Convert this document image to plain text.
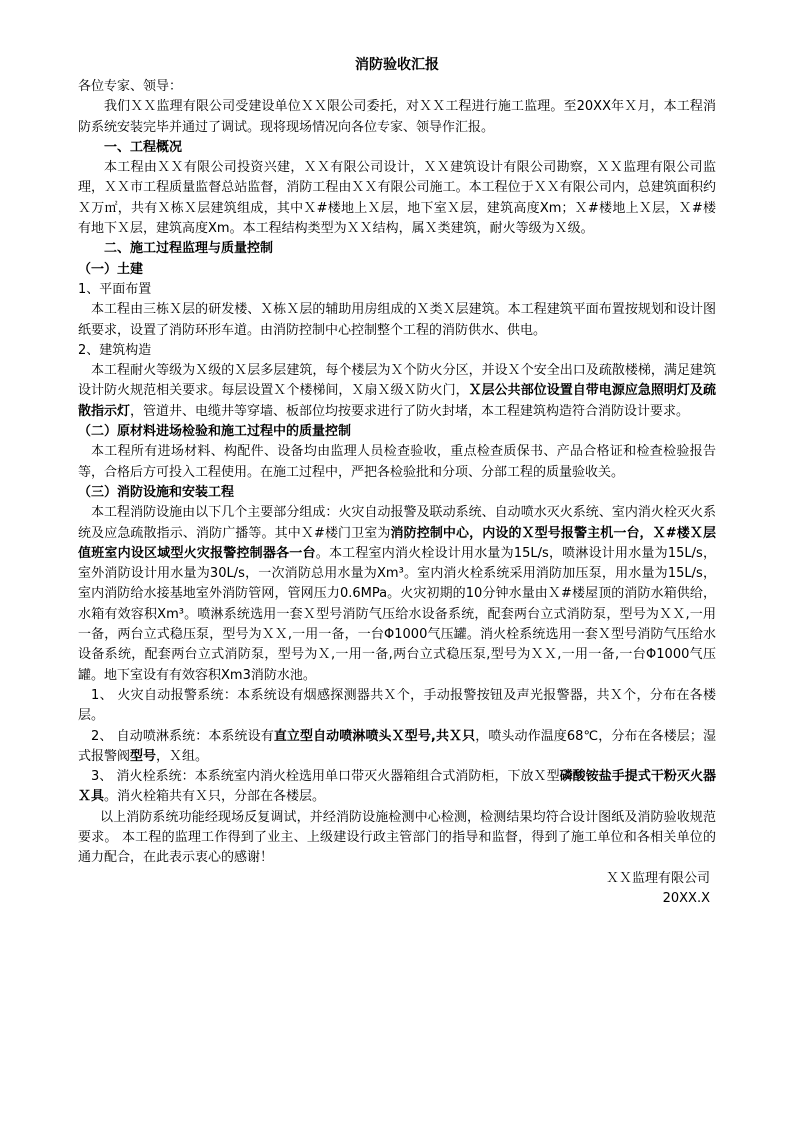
消防验收汇报

各位专家、领导：

我们ＸＸ监理有限公司受建设单位ＸＸ限公司委托，对ＸＸ工程进行施工监理。至20XX年Ｘ月，本工程消防系统安装完毕并通过了调试。现将现场情况向各位专家、领导作汇报。

一、工程概况

本工程由ＸＸ有限公司投资兴建，ＸＸ有限公司设计，ＸＸ建筑设计有限公司勘察，ＸＸ监理有限公司监理，ＸＸ市工程质量监督总站监督，消防工程由ＸＸ有限公司施工。本工程位于ＸＸ有限公司内，总建筑面积约Ｘ万㎡，共有Ｘ栋Ｘ层建筑组成，其中Ｘ#楼地上Ｘ层，地下室Ｘ层，建筑高度Xm；Ｘ#楼地上Ｘ层，Ｘ#楼有地下Ｘ层，建筑高度Xm。本工程结构类型为ＸＸ结构，属Ｘ类建筑，耐火等级为Ｘ级。

二、施工过程监理与质量控制

（一）土建

1、平面布置

本工程由三栋Ｘ层的研发楼、Ｘ栋Ｘ层的辅助用房组成的Ｘ类Ｘ层建筑。本工程建筑平面布置按规划和设计图纸要求，设置了消防环形车道。由消防控制中心控制整个工程的消防供水、供电。

2、建筑构造

本工程耐火等级为Ｘ级的Ｘ层多层建筑，每个楼层为Ｘ个防火分区，并设Ｘ个安全出口及疏散楼梯，满足建筑设计防火规范相关要求。每层设置Ｘ个楼梯间，Ｘ扇Ｘ级Ｘ防火门，Ｘ层公共部位设置自带电源应急照明灯及疏散指示灯，管道井、电缆井等穿墙、板部位均按要求进行了防火封堵，本工程建筑构造符合消防设计要求。

（二）原材料进场检验和施工过程中的质量控制

本工程所有进场材料、构配件、设备均由监理人员检查验收，重点检查质保书、产品合格证和检查检验报告等，合格后方可投入工程使用。在施工过程中，严把各检验批和分项、分部工程的质量验收关。

（三）消防设施和安装工程

本工程消防设施由以下几个主要部分组成：火灾自动报警及联动系统、自动喷水灭火系统、室内消火栓灭火系统及应急疏散指示、消防广播等。其中Ｘ#楼门卫室为消防控制中心，内设的Ｘ型号报警主机一台，Ｘ#楼Ｘ层值班室内设区域型火灾报警控制器各一台。本工程室内消火栓设计用水量为15L/s，喷淋设计用水量为15L/s，室外消防设计用水量为30L/s，一次消防总用水量为Xm³。室内消火栓系统采用消防加压泵，用水量为15L/s，室内消防给水接基地室外消防管网，管网压力0.6MPa。火灾初期的10分钟水量由Ｘ#楼屋顶的消防水箱供给，水箱有效容积Xm³。喷淋系统选用一套Ｘ型号消防气压给水设备系统，配套两台立式消防泵，型号为ＸＸ,一用一备，两台立式稳压泵，型号为ＸＸ,一用一备，一台Φ1000气压罐。消火栓系统选用一套Ｘ型号消防气压给水设备系统，配套两台立式消防泵，型号为Ｘ,一用一备,两台立式稳压泵,型号为ＸＸ,一用一备,一台Φ1000气压罐。地下室设有有效容积Xm3消防水池。

1、 火灾自动报警系统：本系统设有烟感探测器共Ｘ个，手动报警按钮及声光报警器，共Ｘ个，分布在各楼层。

2、 自动喷淋系统：本系统设有直立型自动喷淋喷头Ｘ型号,共Ｘ只，喷头动作温度68℃，分布在各楼层；湿式报警阀型号，Ｘ组。

3、 消火栓系统：本系统室内消火栓选用单口带灭火器箱组合式消防柜，下放Ｘ型磷酸铵盐手提式干粉灭火器Ｘ具。消火栓箱共有Ｘ只，分部在各楼层。

以上消防系统功能经现场反复调试，并经消防设施检测中心检测，检测结果均符合设计图纸及消防验收规范要求。 本工程的监理工作得到了业主、上级建设行政主管部门的指导和监督，得到了施工单位和各相关单位的通力配合，在此表示衷心的感谢！

ＸＸ监理有限公司

20XX.X
